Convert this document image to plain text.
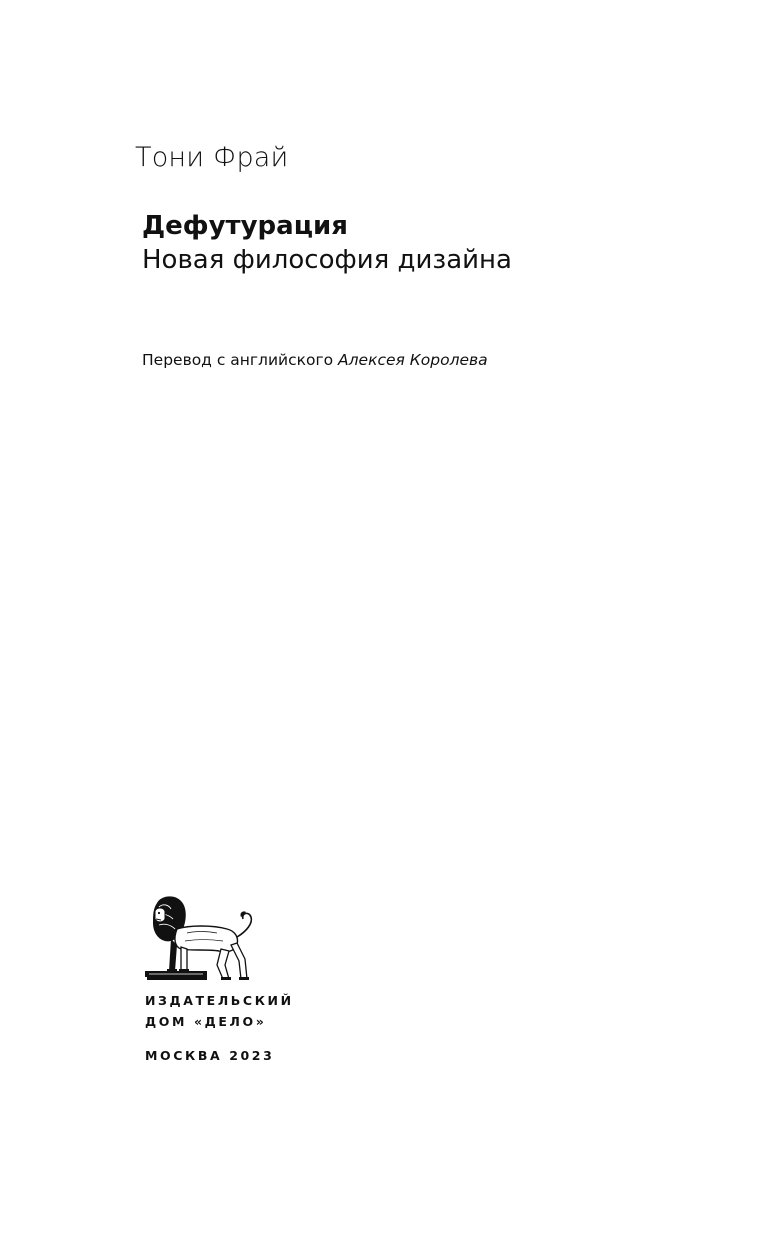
Тони Фрай
Дефутурация
Новая философия дизайна
Перевод с английского Алексея Королева
ИЗДАТЕЛЬСКИЙ
ДОМ «ДЕЛО»
МОСКВА 2023
